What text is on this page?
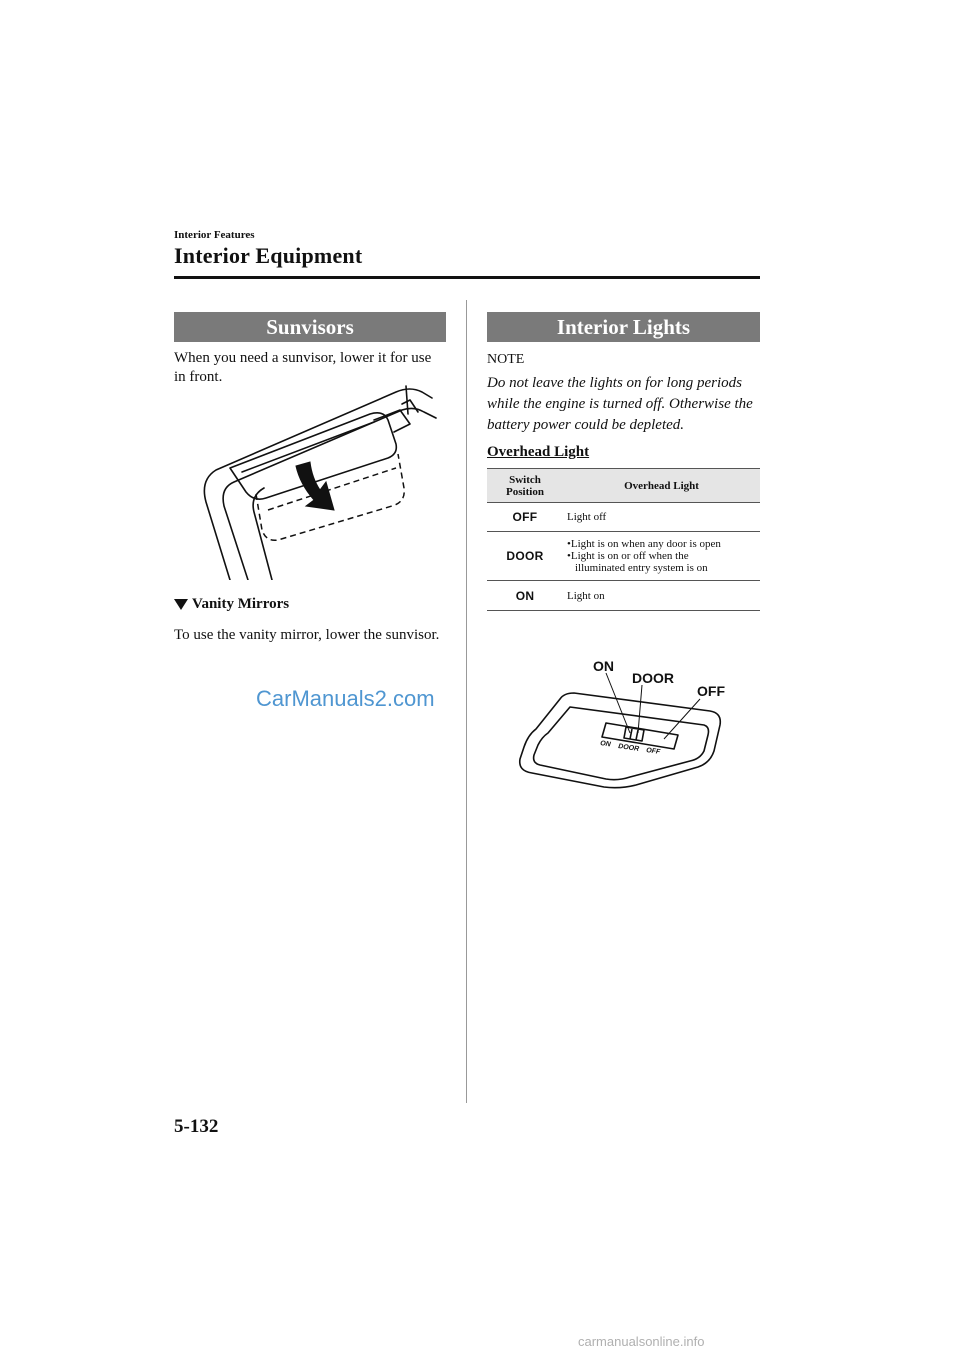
Interior Features
Interior Equipment
Sunvisors
When you need a sunvisor, lower it for use in front.
Vanity Mirrors
To use the vanity mirror, lower the sunvisor.
CarManuals2.com
Interior Lights
NOTE
Do not leave the lights on for long periods while the engine is turned off. Otherwise the battery power could be depleted.
Overhead Light
Switch
Position	Overhead Light
OFF	Light off
DOOR	•Light is on when any door is open
•Light is on or off when the
illuminated entry system is on

ON	Light on
ON
DOOR
OFF
ON DOOR OFF
5-132
carmanualsonline.info
